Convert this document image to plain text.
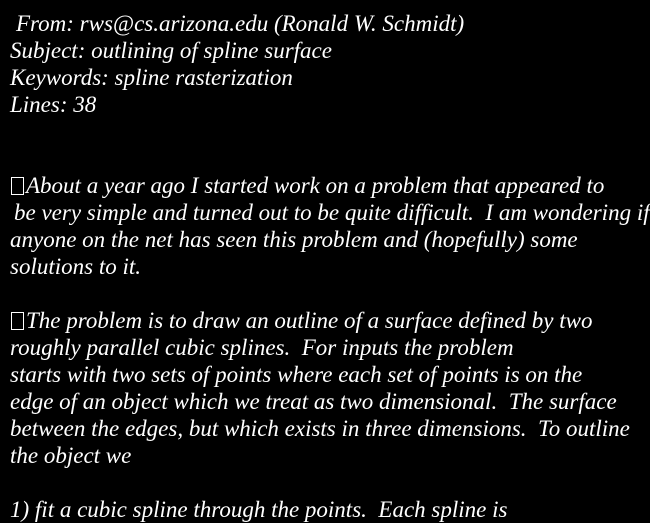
From: rws@cs.arizona.edu (Ronald W. Schmidt)
Subject: outlining of spline surface
Keywords: spline rasterization
Lines: 38
About a year ago I started work on a problem that appeared to
be very simple and turned out to be quite difficult.  I am wondering if
anyone on the net has seen this problem and (hopefully) some
solutions to it.
The problem is to draw an outline of a surface defined by two
roughly parallel cubic splines.  For inputs the problem
starts with two sets of points where each set of points is on the
edge of an object which we treat as two dimensional.  The surface
between the edges, but which exists in three dimensions.  To outline
the object we
1) fit a cubic spline through the points.  Each spline is
